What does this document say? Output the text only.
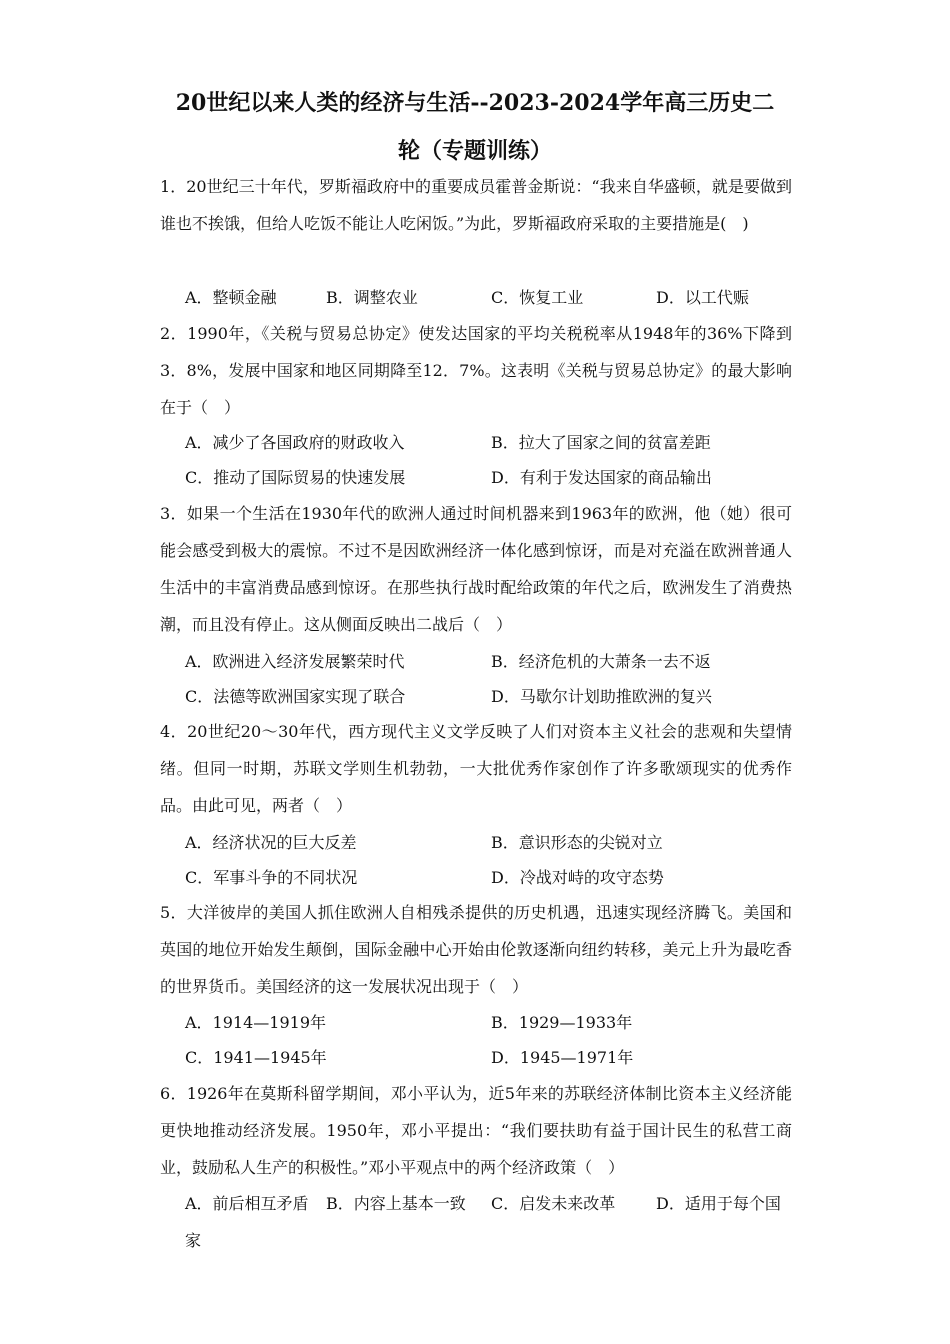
20世纪以来人类的经济与生活--2023-2024学年高三历史二
轮（专题训练）
1．20世纪三十年代，罗斯福政府中的重要成员霍普金斯说：“我来自华盛顿，就是要做到谁也不挨饿，但给人吃饭不能让人吃闲饭。”为此，罗斯福政府采取的主要措施是(　)
A．整顿金融	B．调整农业	C．恢复工业	D．以工代赈
2．1990年，《关税与贸易总协定》使发达国家的平均关税税率从1948年的36%下降到3．8%，发展中国家和地区同期降至12．7%。这表明《关税与贸易总协定》的最大影响在于（　）
A．减少了各国政府的财政收入	B．拉大了国家之间的贫富差距
C．推动了国际贸易的快速发展	D．有利于发达国家的商品输出
3．如果一个生活在1930年代的欧洲人通过时间机器来到1963年的欧洲，他（她）很可能会感受到极大的震惊。不过不是因欧洲经济一体化感到惊讶，而是对充溢在欧洲普通人生活中的丰富消费品感到惊讶。在那些执行战时配给政策的年代之后，欧洲发生了消费热潮，而且没有停止。这从侧面反映出二战后（　）
A．欧洲进入经济发展繁荣时代	B．经济危机的大萧条一去不返
C．法德等欧洲国家实现了联合	D．马歇尔计划助推欧洲的复兴
4．20世纪20～30年代，西方现代主义文学反映了人们对资本主义社会的悲观和失望情绪。但同一时期，苏联文学则生机勃勃，一大批优秀作家创作了许多歌颂现实的优秀作品。由此可见，两者（　）
A．经济状况的巨大反差	B．意识形态的尖锐对立
C．军事斗争的不同状况	D．冷战对峙的攻守态势
5．大洋彼岸的美国人抓住欧洲人自相残杀提供的历史机遇，迅速实现经济腾飞。美国和英国的地位开始发生颠倒，国际金融中心开始由伦敦逐渐向纽约转移，美元上升为最吃香的世界货币。美国经济的这一发展状况出现于（　）
A．1914—1919年	B．1929—1933年
C．1941—1945年	D．1945—1971年
6．1926年在莫斯科留学期间，邓小平认为，近5年来的苏联经济体制比资本主义经济能更快地推动经济发展。1950年，邓小平提出：“我们要扶助有益于国计民生的私营工商业，鼓励私人生产的积极性。”邓小平观点中的两个经济政策（　）
A．前后相互矛盾 B．内容上基本一致 C．启发未来改革	D．适用于每个国
家
